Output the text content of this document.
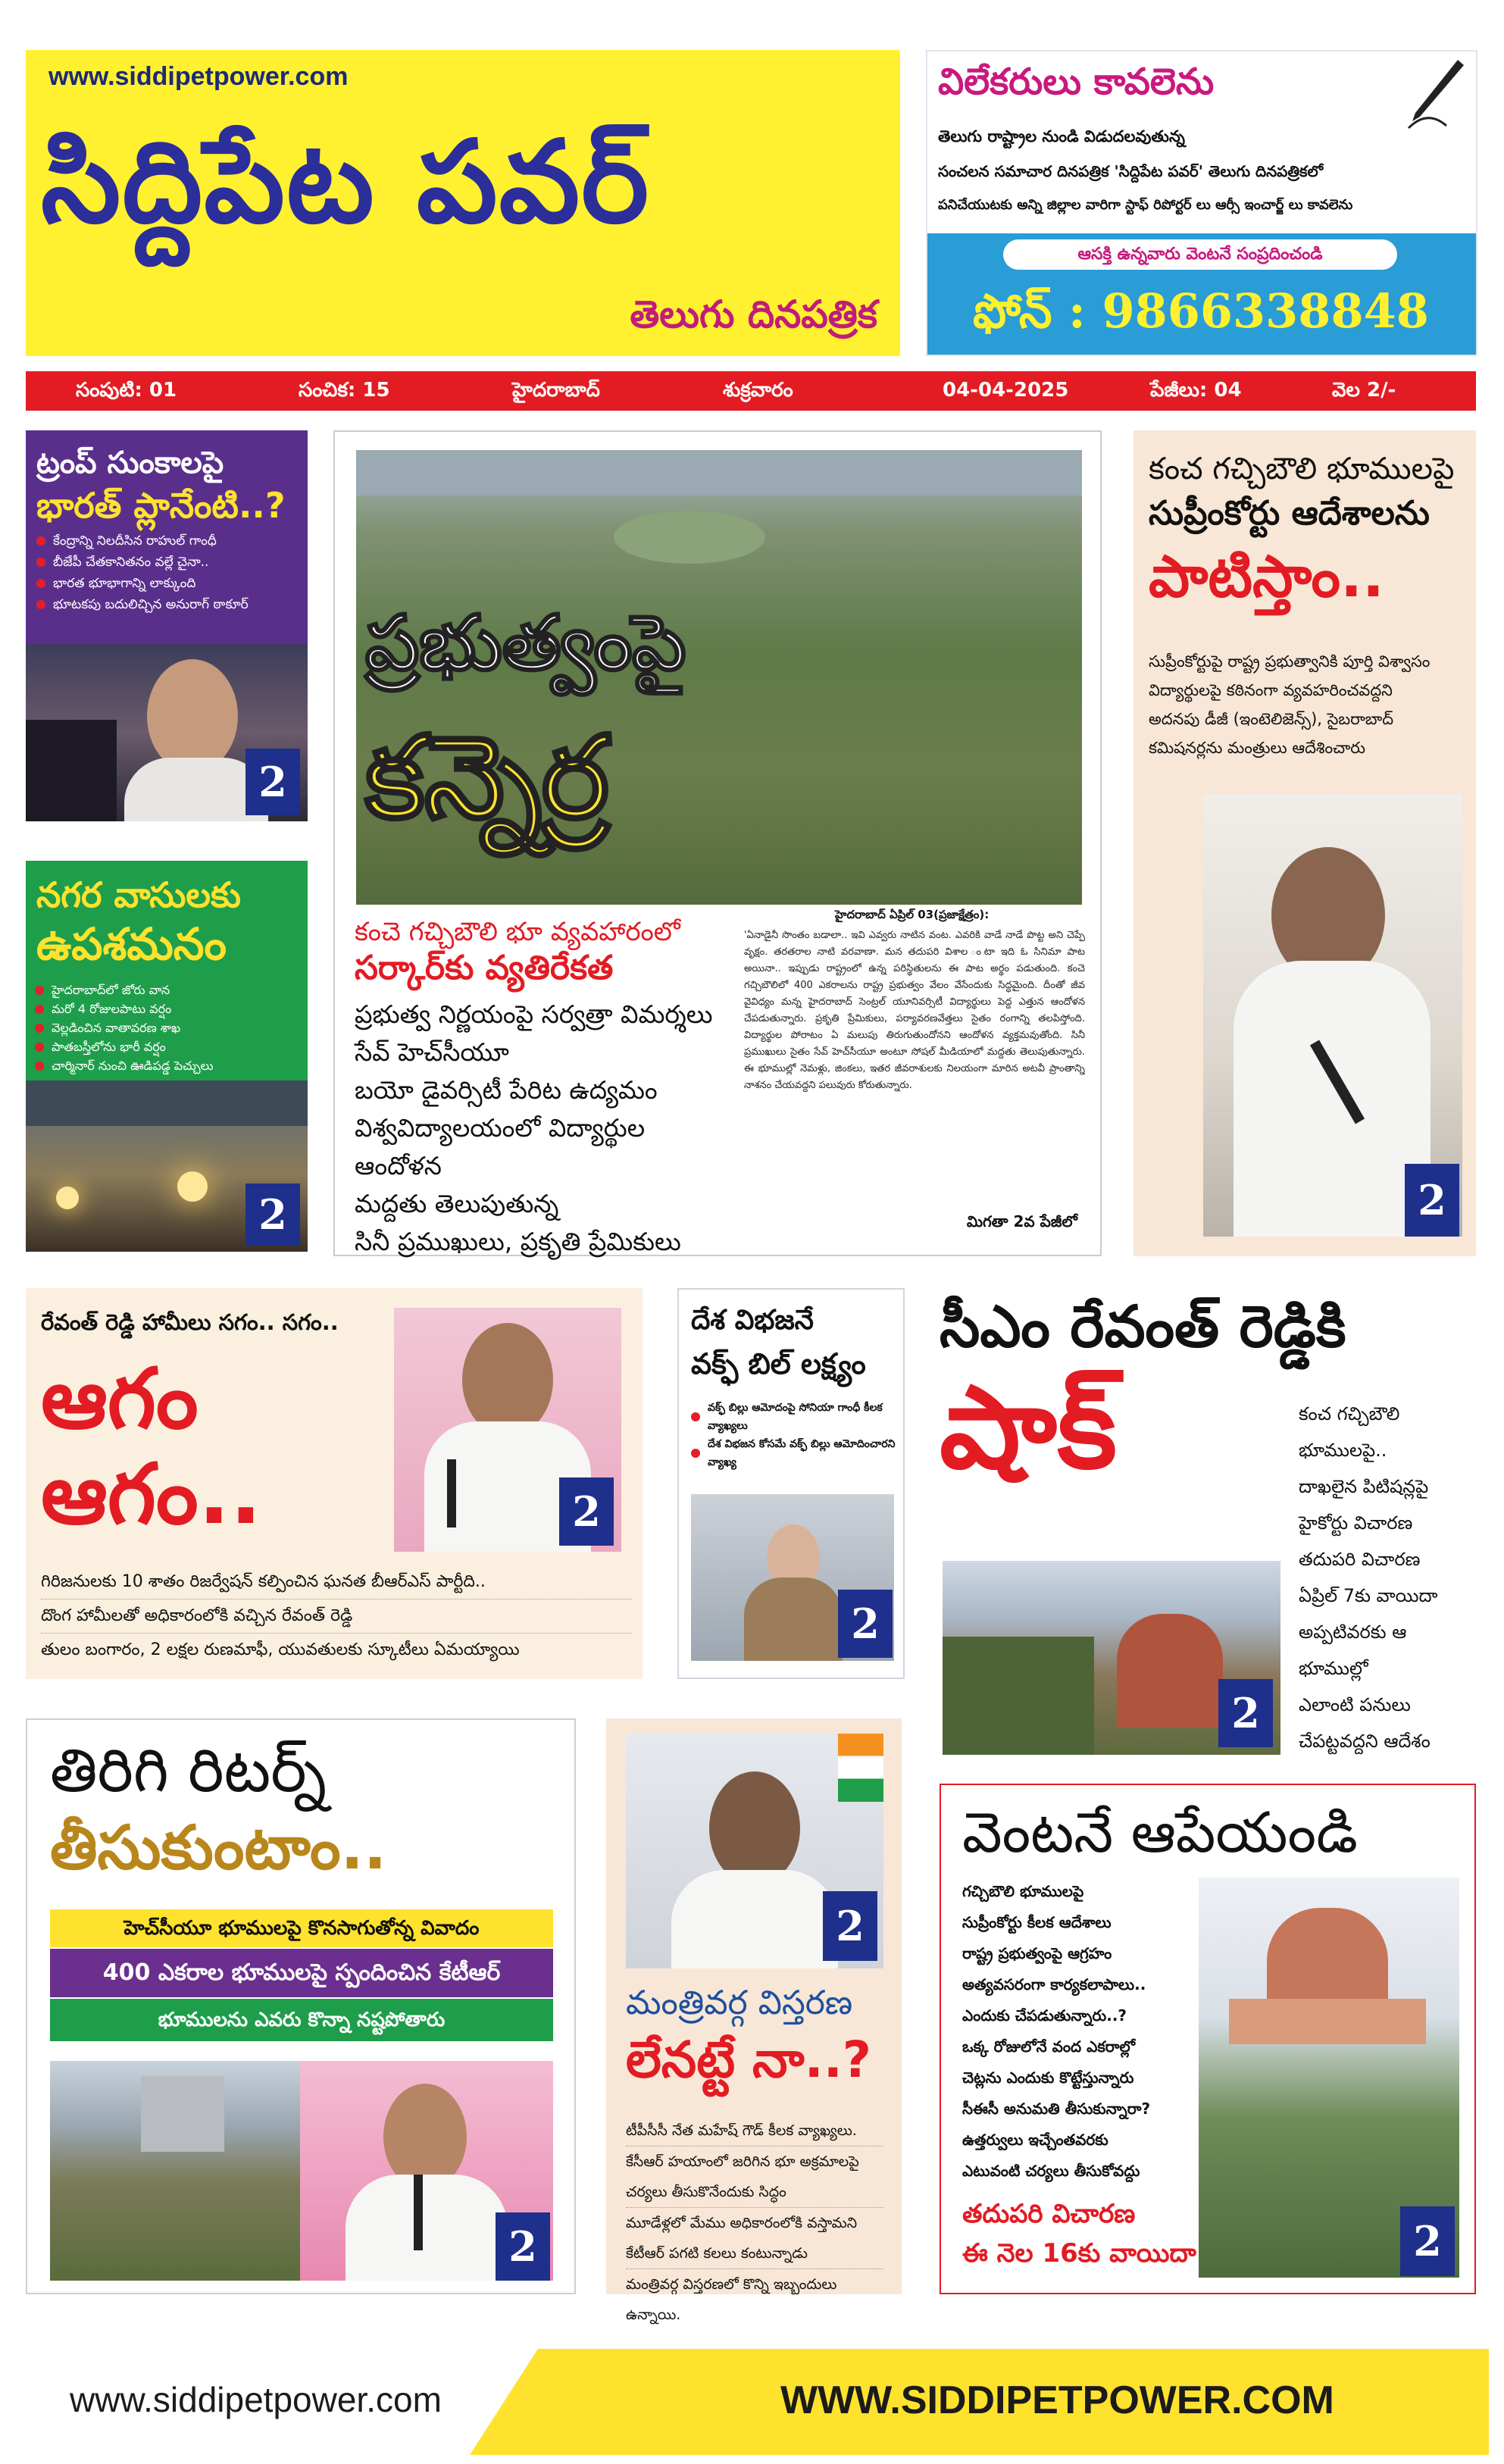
www.siddipetpower.com
సిద్దిపేట పవర్
తెలుగు దినపత్రిక
విలేకరులు కావలెను
తెలుగు రాష్ట్రాల నుండి విడుదలవుతున్న
సంచలన సమాచార దినపత్రిక 'సిద్దిపేట పవర్' తెలుగు దినపత్రికలో
పనిచేయుటకు అన్ని జిల్లాల వారిగా స్టాఫ్ రిపోర్టర్ లు ఆర్సీ ఇంచార్జ్ లు కావలెను
ఆసక్తి ఉన్నవారు వెంటనే సంప్రదించండి
ఫోన్ : 9866338848
సంపుటి: 01	సంచిక: 15	హైదరాబాద్	శుక్రవారం	04-04-2025	పేజీలు: 04	వెల 2/-
ట్రంప్ సుంకాలపై
భారత్ ప్లానేంటి..?
కేంద్రాన్ని నిలదీసిన రాహుల్ గాంధీ
బీజేపీ చేతకానితనం వల్లే చైనా..
భారత భూభాగాన్ని లాక్కుంది
భూటకపు బదులిచ్చిన అనురాగ్ ఠాకూర్
2
నగర వాసులకు
ఉపశమనం
హైదరాబాద్‌లో జోరు వాన
మరో 4 రోజులపాటు వర్షం
వెల్లడించిన వాతావరణ శాఖ
పాతబస్తీలోను భారీ వర్షం
చార్మినార్ నుంచి ఊడిపడ్డ పెచ్చులు
2
ప్రభుత్వంపై
కన్నెర్ర
కంచె గచ్చిబౌలి భూ వ్యవహారంలో
సర్కార్‌కు వ్యతిరేకత
ప్రభుత్వ నిర్ణయంపై సర్వత్రా విమర్శలు
సేవ్ హెచ్‌సీయూ
బయో డైవర్సిటీ పేరిట ఉద్యమం
విశ్వవిద్యాలయంలో విద్యార్థుల ఆందోళన
మద్దతు తెలుపుతున్న
సినీ ప్రముఖులు, ప్రకృతి ప్రేమికులు
హైదరాబాద్ ఏప్రిల్ 03(ప్రజాక్షేత్రం):
'ఏనాడైనీ సొంతం బడాలా.. ఇవి ఎవ్వరు నాటిన వంట. ఎవరికి వాడే నాడే పొట్ట అని చెప్పే వృక్షం. తరతరాల నాటి వరవాణా. మన తదుపరి విశాల ంటా ఇది ఓ సినిమా పాట అయినా.. ఇప్పుడు రాష్ట్రంలో ఉన్న పరిస్థితులను ఈ పాట అర్థం పడుతుంది. కంచె గచ్చిబౌలిలో 400 ఎకరాలను రాష్ట్ర ప్రభుత్వం వేలం వేసేందుకు సిద్ధమైంది. దీంతో జీవ వైవిధ్యం మన్న హైదరాబాద్ సెంట్రల్ యూనివర్సిటీ విద్యార్థులు పెద్ద ఎత్తున ఆందోళన చేపడుతున్నారు. ప్రకృతి ప్రేమికులు, పర్యావరణవేత్తలు సైతం రంగాన్ని తలపిస్తోంది. విద్యార్థుల పోరాటం ఏ మలుపు తిరుగుతుందోనని ఆందోళన వ్యక్తమవుతోంది. సినీ ప్రముఖులు సైతం సేవ్ హెచ్‌సీయూ అంటూ సోషల్ మీడియాలో మద్దతు తెలుపుతున్నారు. ఈ భూముల్లో నెమళ్లు, జింకలు, ఇతర జీవరాశులకు నిలయంగా మారిన అటవీ ప్రాంతాన్ని నాశనం చేయవద్దని పలువురు కోరుతున్నారు.
మిగతా 2వ పేజీలో
కంచ గచ్చిబౌలి భూములపై
సుప్రీంకోర్టు ఆదేశాలను
పాటిస్తాం..
సుప్రీంకోర్టుపై రాష్ట్ర ప్రభుత్వానికి పూర్తి విశ్వాసం
విద్యార్థులపై కఠినంగా వ్యవహరించవద్దని
అదనపు డీజీ (ఇంటెలిజెన్స్), సైబరాబాద్
కమిషనర్లను మంత్రులు ఆదేశించారు
2
రేవంత్ రెడ్డి హామీలు సగం.. సగం..
ఆగం
ఆగం..	2
గిరిజనులకు 10 శాతం రిజర్వేషన్ కల్పించిన ఘనత బీఆర్ఎస్ పార్టీది..
దొంగ హామీలతో అధికారంలోకి వచ్చిన రేవంత్ రెడ్డి
తులం బంగారం, 2 లక్షల రుణమాఫీ, యువతులకు స్కూటీలు ఏమయ్యాయి
దేశ విభజనే
వక్ఫ్ బిల్ లక్ష్యం
వక్ఫ్ బిల్లు ఆమోదంపై సోనియా గాంధీ కీలక వ్యాఖ్యలు
దేశ విభజన కోసమే వక్ఫ్ బిల్లు ఆమోదించారని వ్యాఖ్య
2
సీఎం రేవంత్ రెడ్డికి
షాక్	కంచ గచ్చిబౌలి
భూములపై..
దాఖలైన పిటిషన్లపై
హైకోర్టు విచారణ
తదుపరి విచారణ
ఏప్రిల్ 7కు వాయిదా
అప్పటివరకు ఆ
భూముల్లో
ఎలాంటి పనులు
చేపట్టవద్దని ఆదేశం
2
తిరిగి రిటర్న్
తీసుకుంటాం..
హెచ్‌సీయూ భూములపై కొనసాగుతోన్న వివాదం
400 ఎకరాల భూములపై స్పందించిన కేటీఆర్
భూములను ఎవరు కొన్నా నష్టపోతారు
2
2
మంత్రివర్గ విస్తరణ
లేనట్టే నా..?
టీపీసీసీ నేత మహేష్ గౌడ్ కీలక వ్యాఖ్యలు.
కేసీఆర్ హయాంలో జరిగిన భూ అక్రమాలపై చర్యలు తీసుకొనేందుకు సిద్ధం
మూడేళ్లలో మేము అధికారంలోకి వస్తామని కేటీఆర్ పగటి కలలు కంటున్నాడు
మంత్రివర్గ విస్తరణలో కొన్ని ఇబ్బందులు ఉన్నాయి.
వెంటనే ఆపేయండి
గచ్చిబౌలి భూములపై
సుప్రీంకోర్టు కీలక ఆదేశాలు
రాష్ట్ర ప్రభుత్వంపై ఆగ్రహం
అత్యవసరంగా కార్యకలాపాలు..
ఎందుకు చేపడుతున్నారు..?
ఒక్క రోజులోనే వంద ఎకరాల్లో
చెట్లను ఎందుకు కొట్టేస్తున్నారు
సీఈసీ అనుమతి తీసుకున్నారా?
ఉత్తర్వులు ఇచ్చేంతవరకు
ఎటువంటి చర్యలు తీసుకోవద్దు
తదుపరి విచారణ
ఈ నెల 16కు వాయిదా	2
www.siddipetpower.com	WWW.SIDDIPETPOWER.COM
